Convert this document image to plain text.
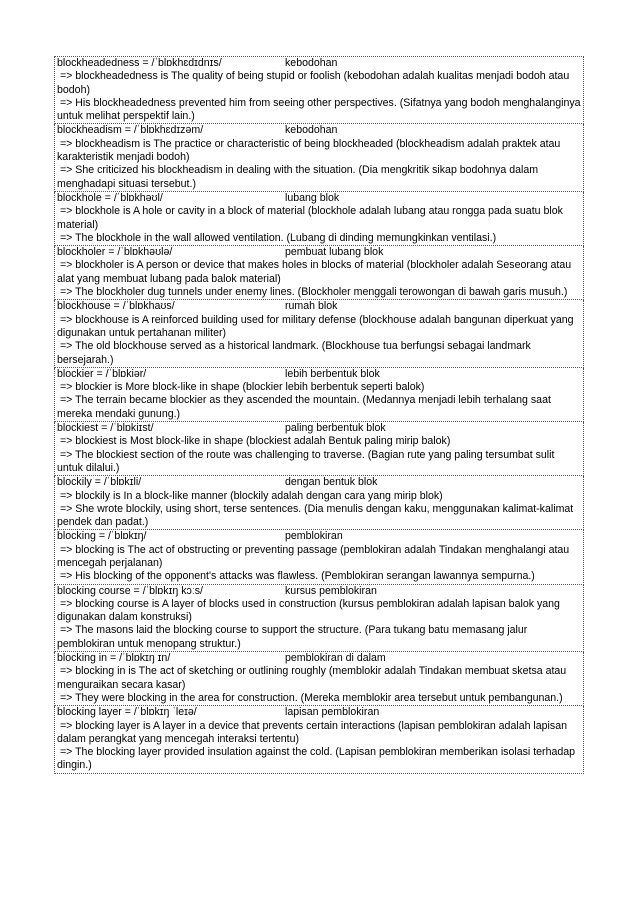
blockheadedness = /ˈblɒkhɛdɪdnɪs/	kebodohan
=> blockheadedness is The quality of being stupid or foolish (kebodohan adalah kualitas menjadi bodoh atau bodoh)
=> His blockheadedness prevented him from seeing other perspectives. (Sifatnya yang bodoh menghalanginya untuk melihat perspektif lain.)
blockheadism = /ˈblɒkhɛdɪzəm/	kebodohan
=> blockheadism is The practice or characteristic of being blockheaded (blockheadism adalah praktek atau karakteristik menjadi bodoh)
=> She criticized his blockheadism in dealing with the situation. (Dia mengkritik sikap bodohnya dalam menghadapi situasi tersebut.)
blockhole = /ˈblɒkhəʊl/	lubang blok
=> blockhole is A hole or cavity in a block of material (blockhole adalah lubang atau rongga pada suatu blok material)
=> The blockhole in the wall allowed ventilation. (Lubang di dinding memungkinkan ventilasi.)
blockholer = /ˈblɒkhəʊlə/	pembuat lubang blok
=> blockholer is A person or device that makes holes in blocks of material (blockholer adalah Seseorang atau alat yang membuat lubang pada balok material)
=> The blockholer dug tunnels under enemy lines. (Blockholer menggali terowongan di bawah garis musuh.)
blockhouse = /ˈblɒkhaʊs/	rumah blok
=> blockhouse is A reinforced building used for military defense (blockhouse adalah bangunan diperkuat yang digunakan untuk pertahanan militer)
=> The old blockhouse served as a historical landmark. (Blockhouse tua berfungsi sebagai landmark bersejarah.)
blockier = /ˈblɒkiər/	lebih berbentuk blok
=> blockier is More block-like in shape (blockier lebih berbentuk seperti balok)
=> The terrain became blockier as they ascended the mountain. (Medannya menjadi lebih terhalang saat mereka mendaki gunung.)
blockiest = /ˈblɒkiɪst/	paling berbentuk blok
=> blockiest is Most block-like in shape (blockiest adalah Bentuk paling mirip balok)
=> The blockiest section of the route was challenging to traverse. (Bagian rute yang paling tersumbat sulit untuk dilalui.)
blockily = /ˈblɒkɪli/	dengan bentuk blok
=> blockily is In a block-like manner (blockily adalah dengan cara yang mirip blok)
=> She wrote blockily, using short, terse sentences. (Dia menulis dengan kaku, menggunakan kalimat-kalimat pendek dan padat.)
blocking = /ˈblɒkɪŋ/	pemblokiran
=> blocking is The act of obstructing or preventing passage (pemblokiran adalah Tindakan menghalangi atau mencegah perjalanan)
=> His blocking of the opponent's attacks was flawless. (Pemblokiran serangan lawannya sempurna.)
blocking course = /ˈblɒkɪŋ kɔːs/	kursus pemblokiran
=> blocking course is A layer of blocks used in construction (kursus pemblokiran adalah lapisan balok yang digunakan dalam konstruksi)
=> The masons laid the blocking course to support the structure. (Para tukang batu memasang jalur pemblokiran untuk menopang struktur.)
blocking in = /ˈblɒkɪŋ ɪn/	pemblokiran di dalam
=> blocking in is The act of sketching or outlining roughly (memblokir adalah Tindakan membuat sketsa atau menguraikan secara kasar)
=> They were blocking in the area for construction. (Mereka memblokir area tersebut untuk pembangunan.)
blocking layer = /ˈblɒkɪŋ ˈleɪə/	lapisan pemblokiran
=> blocking layer is A layer in a device that prevents certain interactions (lapisan pemblokiran adalah lapisan dalam perangkat yang mencegah interaksi tertentu)
=> The blocking layer provided insulation against the cold. (Lapisan pemblokiran memberikan isolasi terhadap dingin.)
